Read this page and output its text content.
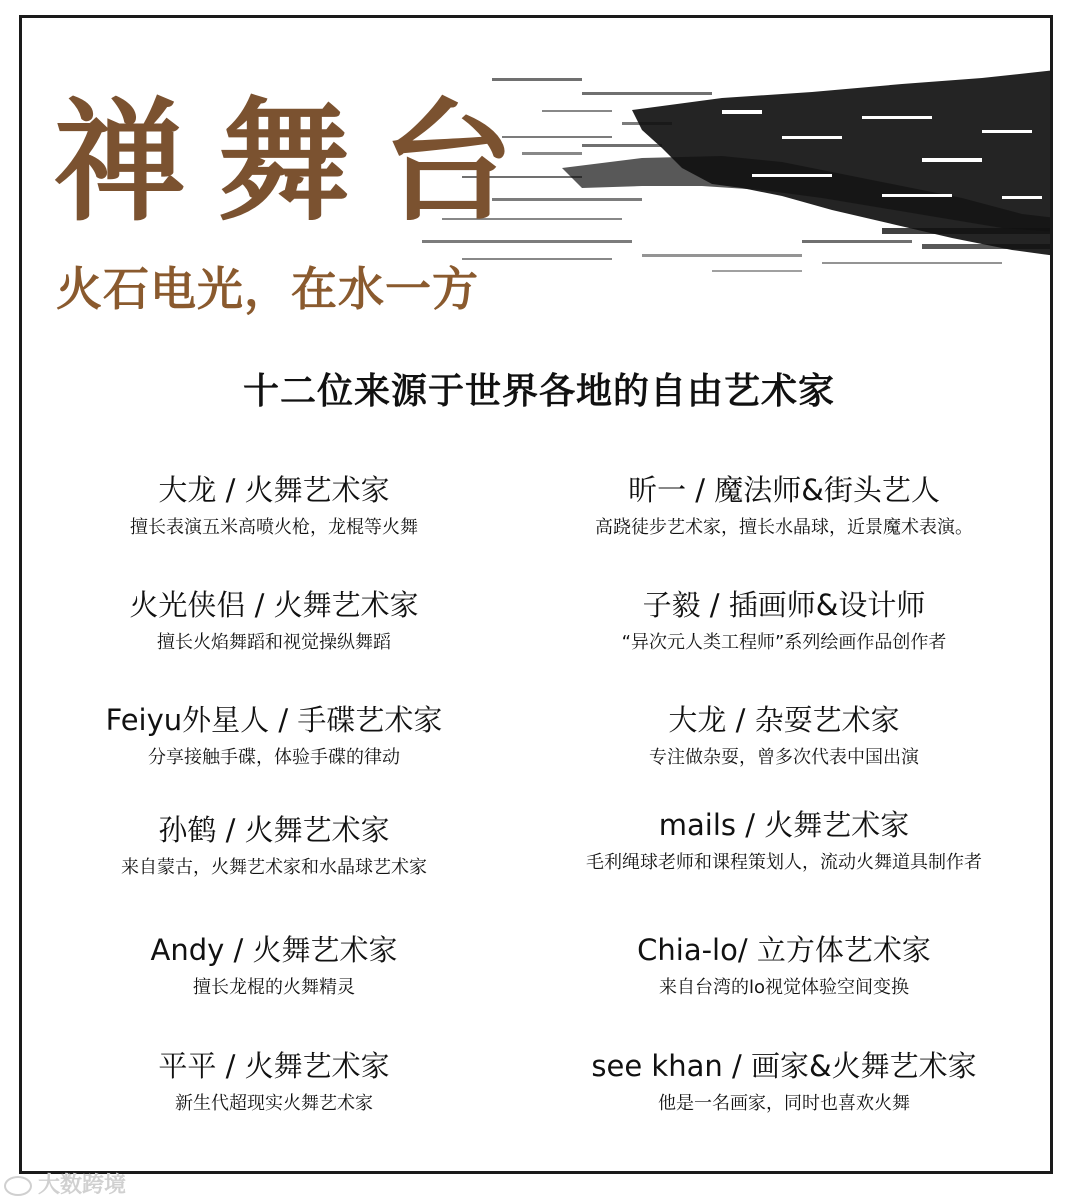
禅舞台
火石电光，在水一方
十二位来源于世界各地的自由艺术家
大龙 / 火舞艺术家
擅长表演五米高喷火枪，龙棍等火舞
火光侠侣 / 火舞艺术家
擅长火焰舞蹈和视觉操纵舞蹈
Feiyu外星人 / 手碟艺术家
分享接触手碟，体验手碟的律动
孙鹤 / 火舞艺术家
来自蒙古，火舞艺术家和水晶球艺术家
Andy / 火舞艺术家
擅长龙棍的火舞精灵
平平 / 火舞艺术家
新生代超现实火舞艺术家
昕一 / 魔法师&街头艺人
高跷徒步艺术家，擅长水晶球，近景魔术表演。
子毅 / 插画师&设计师
“异次元人类工程师”系列绘画作品创作者
大龙 / 杂耍艺术家
专注做杂耍，曾多次代表中国出演
mails / 火舞艺术家
毛利绳球老师和课程策划人，流动火舞道具制作者
Chia-lo/ 立方体艺术家
来自台湾的lo视觉体验空间变换
see khan / 画家&火舞艺术家
他是一名画家，同时也喜欢火舞
大数跨境
